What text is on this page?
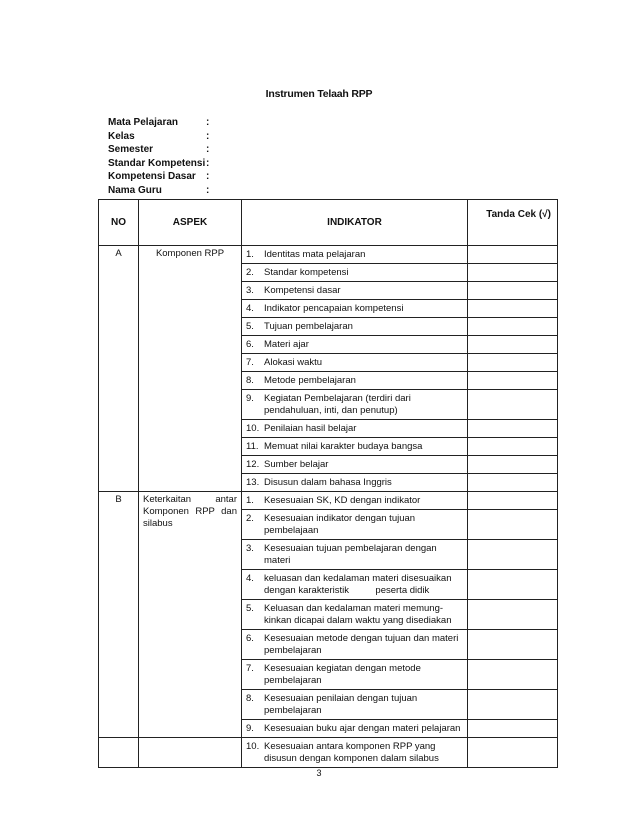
Instrumen Telaah RPP
Mata Pelajaran	:
Kelas	:
Semester	:
Standar Kompetensi :
Kompetensi Dasar	:
Nama Guru	:
NO	ASPEK	INDIKATOR	Tanda Cek (√)
A	Komponen RPP	1. Identitas mata pelajaran	
		2. Standar kompetensi	
		3. Kompetensi dasar	
		4. Indikator pencapaian kompetensi	
		5. Tujuan pembelajaran	
		6. Materi ajar	
		7. Alokasi waktu	
		8. Metode pembelajaran	
		9. Kegiatan Pembelajaran (terdiri dari
pendahuluan, inti, dan penutup)	

		10. Penilaian hasil belajar	
		11. Memuat nilai karakter budaya bangsa	
		12. Sumber belajar	
		13. Disusun dalam bahasa Inggris	
B	Keterkaitan antar Komponen RPP dan silabus	1. Kesesuaian SK, KD dengan indikator	
		2. Kesesuaian indikator dengan tujuan
pembelajaan	

		3. Kesesuaian tujuan pembelajaran dengan
materi	

		4. keluasan dan kedalaman materi disesuaikan
dengan karakteristik          peserta didik	

		5. Keluasan dan kedalaman materi memung-
kinkan dicapai dalam waktu yang disediakan	

		6. Kesesuaian metode dengan tujuan dan materi
pembelajaran	

		7. Kesesuaian kegiatan dengan metode
pembelajaran	

		8. Kesesuaian penilaian dengan tujuan
pembelajaran	

		9. Kesesuaian buku ajar dengan materi pelajaran	
		10. Kesesuaian antara komponen RPP yang
disusun dengan komponen dalam silabus	

3
